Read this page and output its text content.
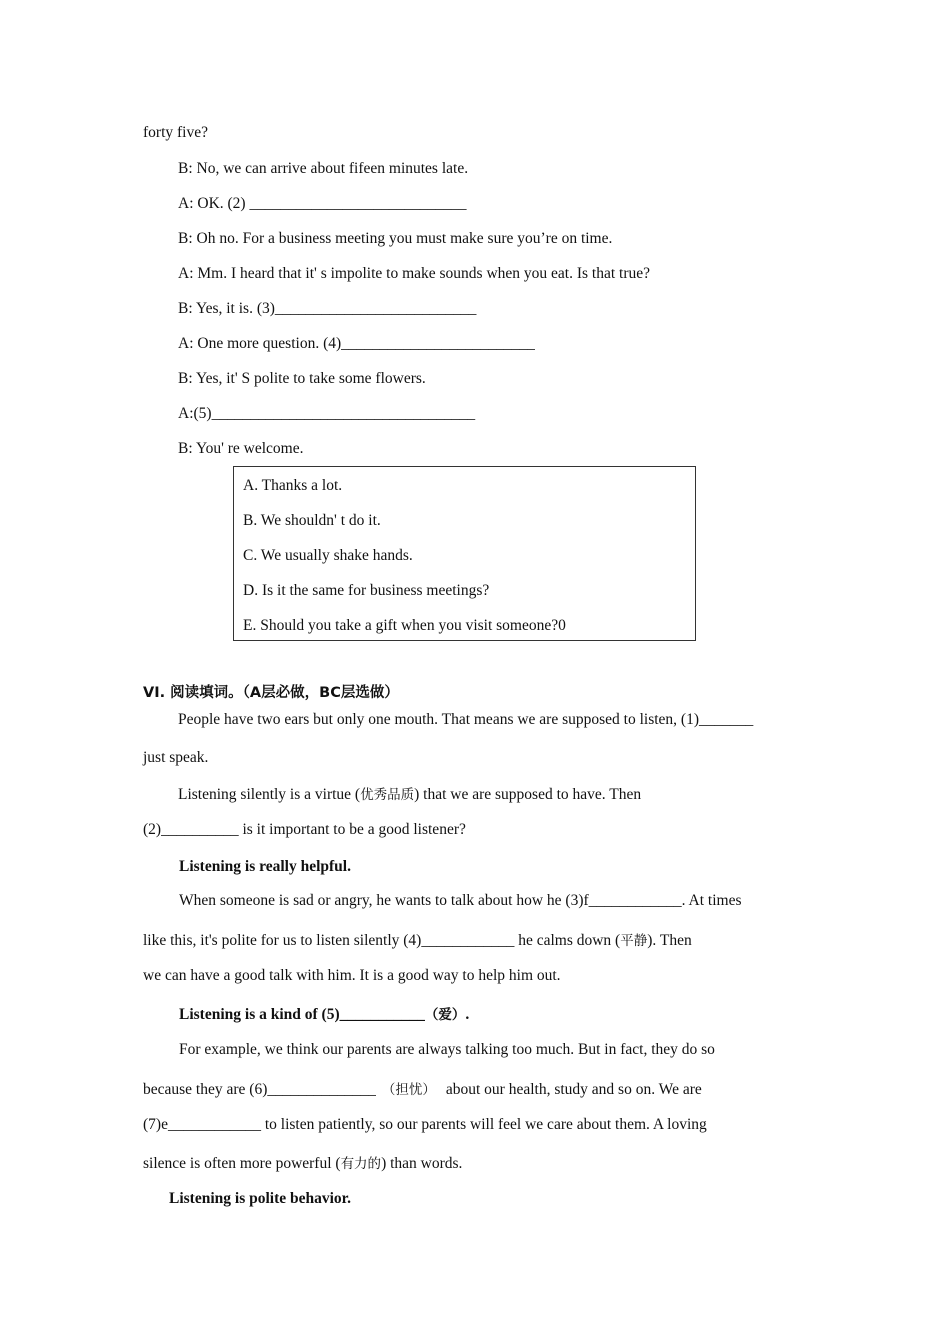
forty five?
B: No, we can arrive about fifeen minutes late.
A: OK. (2) ____________________________
B: Oh no. For a business meeting you must make sure you’re on time.
A: Mm. I heard that it' s impolite to make sounds when you eat. Is that true?
B: Yes, it is. (3)__________________________
A: One more question. (4)_________________________
B: Yes, it' S polite to take some flowers.
A:(5)__________________________________
B: You' re welcome.
A. Thanks a lot.
B. We shouldn' t do it.
C. We usually shake hands.
D. Is it the same for business meetings?
E. Should you take a gift when you visit someone?0
VI. 阅读填词。（A层必做，BC层选做）
People have two ears but only one mouth. That means we are supposed to listen, (1)_______
just speak.
Listening silently is a virtue (优秀品质) that we are supposed to have. Then
(2)__________ is it important to be a good listener?
Listening is really helpful.
When someone is sad or angry, he wants to talk about how he (3)f____________. At times
like this, it's polite for us to listen silently (4)____________ he calms down (平静). Then
we can have a good talk with him. It is a good way to help him out.
Listening is a kind of (5)___________（爱）.
For example, we think our parents are always talking too much. But in fact, they do so
because they are (6)______________ （担忧） about our health, study and so on. We are
(7)e____________ to listen patiently, so our parents will feel we care about them. A loving
silence is often more powerful (有力的) than words.
Listening is polite behavior.
